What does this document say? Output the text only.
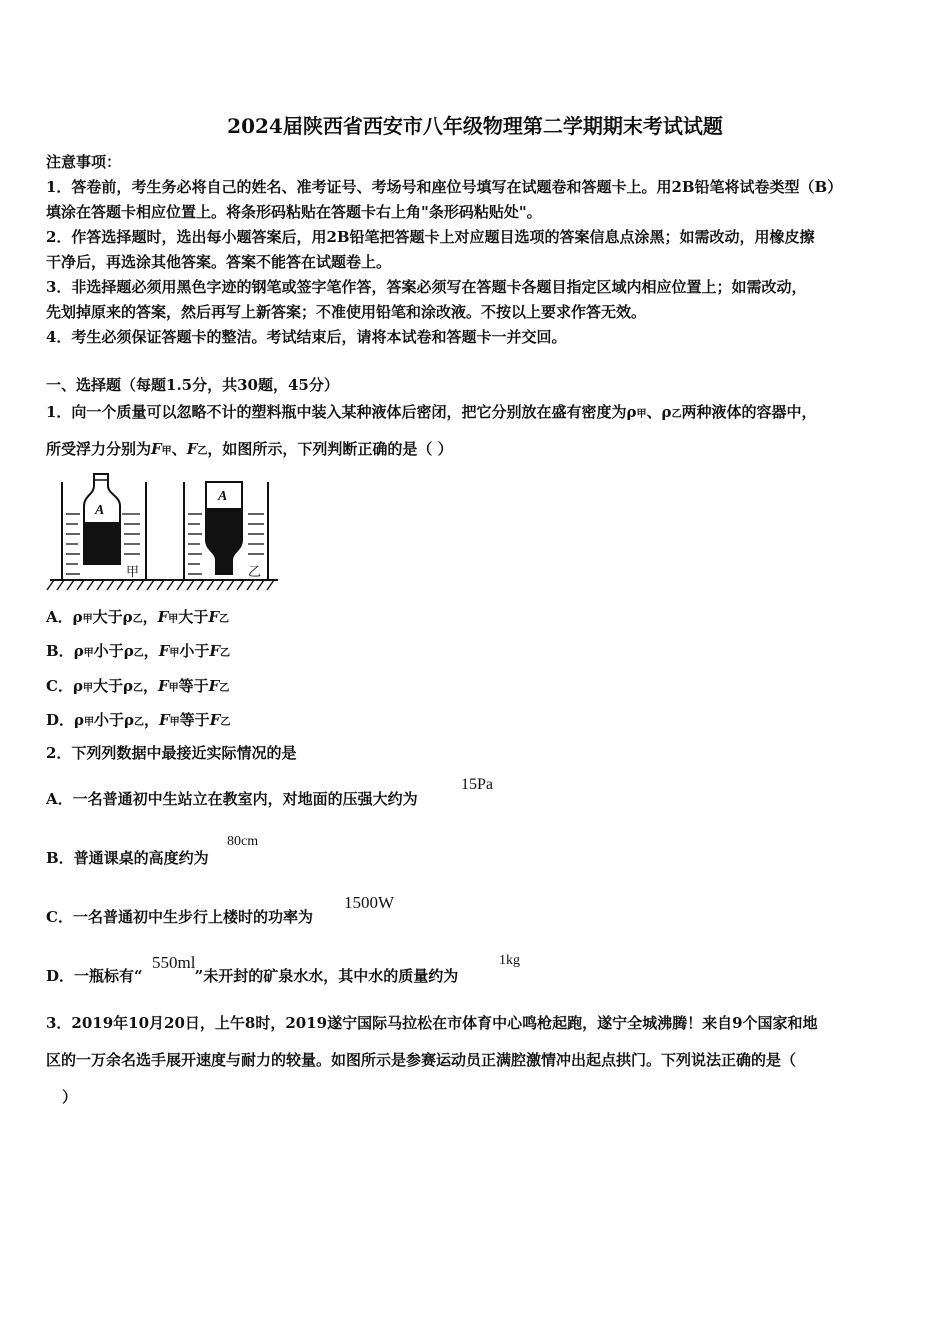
2024届陕西省西安市八年级物理第二学期期末考试试题
注意事项：
1．答卷前，考生务必将自己的姓名、准考证号、考场号和座位号填写在试题卷和答题卡上。用2B铅笔将试卷类型（B）
填涂在答题卡相应位置上。将条形码粘贴在答题卡右上角"条形码粘贴处"。
2．作答选择题时，选出每小题答案后，用2B铅笔把答题卡上对应题目选项的答案信息点涂黑；如需改动，用橡皮擦
干净后，再选涂其他答案。答案不能答在试题卷上。
3．非选择题必须用黑色字迹的钢笔或签字笔作答，答案必须写在答题卡各题目指定区域内相应位置上；如需改动，
先划掉原来的答案，然后再写上新答案；不准使用铅笔和涂改液。不按以上要求作答无效。
4．考生必须保证答题卡的整洁。考试结束后，请将本试卷和答题卡一并交回。
一、选择题（每题1.5分，共30题，45分）
1．向一个质量可以忽略不计的塑料瓶中装入某种液体后密闭，把它分别放在盛有密度为ρ甲、ρ乙两种液体的容器中，
所受浮力分别为F甲、F乙，如图所示，下列判断正确的是（ ）
A
甲
A
乙
A．ρ甲大于ρ乙，F甲大于F乙
B．ρ甲小于ρ乙，F甲小于F乙
C．ρ甲大于ρ乙，F甲等于F乙
D．ρ甲小于ρ乙，F甲等于F乙
2．下列列数据中最接近实际情况的是
A．一名普通初中生站立在教室内，对地面的压强大约为
15Pa
B．普通课桌的高度约为
80cm
C．一名普通初中生步行上楼时的功率为
1500W
D．一瓶标有“	”未开封的矿泉水水，其中水的质量约为
550ml	1kg
3．2019年10月20日，上午8时，2019遂宁国际马拉松在市体育中心鸣枪起跑，遂宁全城沸腾！来自9个国家和地
区的一万余名选手展开速度与耐力的较量。如图所示是参赛运动员正满腔激情冲出起点拱门。下列说法正确的是（
）
